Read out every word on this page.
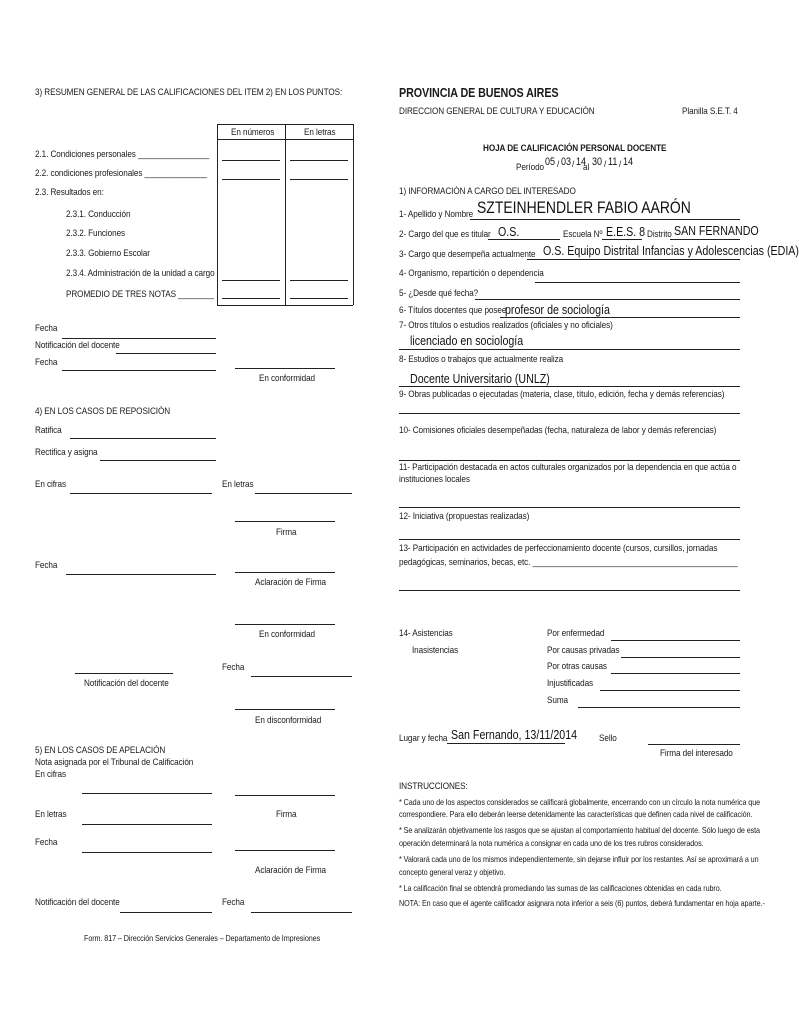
3) RESUMEN GENERAL DE LAS CALIFICACIONES DEL ITEM 2) EN LOS PUNTOS:
En números	En letras
2.1. Condiciones personales ________________
2.2. condiciones profesionales ______________
2.3. Resultados en:
2.3.1. Conducción
2.3.2. Funciones
2.3.3. Gobierno Escolar
2.3.4. Administración de la unidad a cargo
PROMEDIO DE TRES NOTAS ________
Fecha
Notificación del docente
Fecha
En conformidad
4) EN LOS CASOS DE REPOSICIÓN
Ratifica
Rectifica y asigna
En cifras	En letras
Firma
Fecha
Aclaración de Firma
En conformidad
Fecha
Notificación del docente
En disconformidad
5) EN LOS CASOS DE APELACIÓN
Nota asignada por el Tribunal de Calificación
En cifras
En letras	Firma
Fecha
Aclaración de Firma
Notificación del docente	Fecha
Form. 817 – Dirección Servicios Generales – Departamento de Impresiones
PROVINCIA DE BUENOS AIRES
DIRECCION GENERAL DE CULTURA Y EDUCACIÓN	Planilla S.E.T. 4
HOJA DE CALIFICACIÓN PERSONAL DOCENTE
Período 05 / 03 / 14
al 30 / 11 / 14
1) INFORMACIÓN A CARGO DEL INTERESADO
1- Apellido y Nombre SZTEINHENDLER FABIO AARÓN
2- Cargo del que es titular O.S.	Escuela Nº E.E.S. 8 Distrito SAN FERNANDO
3- Cargo que desempeña actualmente O.S. Equipo Distrital Infancias y Adolescencias (EDIA)
4- Organismo, repartición o dependencia
5- ¿Desde qué fecha?
6- Títulos docentes que posee
profesor de sociología
7- Otros títulos o estudios realizados (oficiales y no oficiales)
licenciado en sociología
8- Estudios o trabajos que actualmente realiza
Docente Universitario (UNLZ)
9- Obras publicadas o ejecutadas (materia, clase, título, edición, fecha y demás referencias)
10- Comisiones oficiales desempeñadas (fecha, naturaleza de labor y demás referencias)
11- Participación destacada en actos culturales organizados por la dependencia en que actúa o
instituciones locales
12- Iniciativa (propuestas realizadas)
13- Participación en actividades de perfeccionamiento docente (cursos, cursillos, jornadas
pedagógicas, seminarios, becas, etc. ______________________________________________
14- Asistencias
Inasistencias
Por enfermedad
Por causas privadas
Por otras causas
Injustificadas
Suma
Lugar y fecha San Fernando, 13/11/2014 Sello
Firma del interesado
INSTRUCCIONES:
* Cada uno de los aspectos considerados se calificará globalmente, encerrando con un círculo la nota numérica que
correspondiere. Para ello deberán leerse detenidamente las características que definen cada nivel de calificación.
* Se analizarán objetivamente los rasgos que se ajustan al comportamiento habitual del docente. Sólo luego de esta
operación determinará la nota numérica a consignar en cada uno de los tres rubros considerados.
* Valorará cada uno de los mismos independientemente, sin dejarse influir por los restantes. Así se aproximará a un
concepto general veraz y objetivo.
* La calificación final se obtendrá promediando las sumas de las calificaciones obtenidas en cada rubro.
NOTA: En caso que el agente calificador asignara nota inferior a seis (6) puntos, deberá fundamentar en hoja aparte.-
